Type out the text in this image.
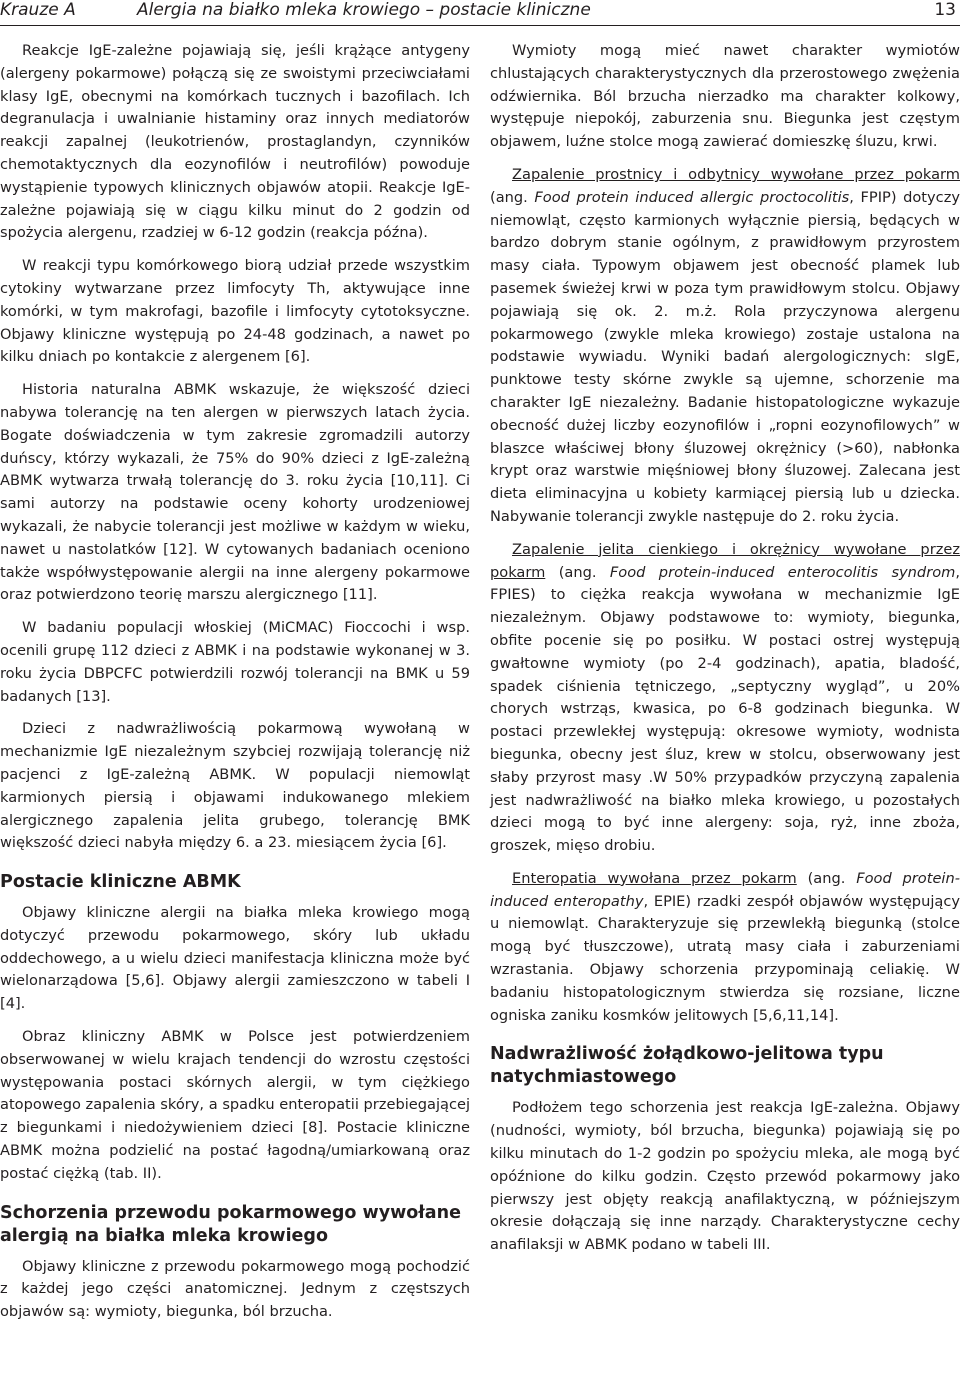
Krauze A	Alergia na białko mleka krowiego – postacie kliniczne	13

Reakcje IgE-zależne pojawiają się, jeśli krążące antygeny (alergeny pokarmowe) połączą się ze swoistymi przeciwciałami klasy IgE, obecnymi na komórkach tucznych i bazofilach. Ich degranulacja i uwalnianie histaminy oraz innych mediatorów reakcji zapalnej (leukotrienów, prostaglandyn, czynników chemotaktycznych dla eozynofilów i neutrofilów) powoduje wystąpienie typowych klinicznych objawów atopii. Reakcje IgE-zależne pojawiają się w ciągu kilku minut do 2 godzin od spożycia alergenu, rzadziej w 6-12 godzin (reakcja późna).

W reakcji typu komórkowego biorą udział przede wszystkim cytokiny wytwarzane przez limfocyty Th, aktywujące inne komórki, w tym makrofagi, bazofile i limfocyty cytotoksyczne. Objawy kliniczne występują po 24-48 godzinach, a nawet po kilku dniach po kontakcie z alergenem [6].

Historia naturalna ABMK wskazuje, że większość dzieci nabywa tolerancję na ten alergen w pierwszych latach życia. Bogate doświadczenia w tym zakresie zgromadzili autorzy duńscy, którzy wykazali, że 75% do 90% dzieci z IgE-zależną ABMK wytwarza trwałą tolerancję do 3. roku życia [10,11]. Ci sami autorzy na podstawie oceny kohorty urodzeniowej wykazali, że nabycie tolerancji jest możliwe w każdym w wieku, nawet u nastolatków [12]. W cytowanych badaniach oceniono także współwystępowanie alergii na inne alergeny pokarmowe oraz potwierdzono teorię marszu alergicznego [11].

W badaniu populacji włoskiej (MiCMAC) Fioccochi i wsp. ocenili grupę 112 dzieci z ABMK i na podstawie wykonanej w 3. roku życia DBPCFC potwierdzili rozwój tolerancji na BMK u 59 badanych [13].

Dzieci z nadwrażliwością pokarmową wywołaną w mechanizmie IgE niezależnym szybciej rozwijają tolerancję niż pacjenci z IgE-zależną ABMK. W populacji niemowląt karmionych piersią i objawami indukowanego mlekiem alergicznego zapalenia jelita grubego, tolerancję BMK większość dzieci nabyła między 6. a 23. miesiącem życia [6].

Postacie kliniczne ABMK

Objawy kliniczne alergii na białka mleka krowiego mogą dotyczyć przewodu pokarmowego, skóry lub układu oddechowego, a u wielu dzieci manifestacja kliniczna może być wielonarządowa [5,6]. Objawy alergii zamieszczono w tabeli I [4].

Obraz kliniczny ABMK w Polsce jest potwierdzeniem obserwowanej w wielu krajach tendencji do wzrostu częstości występowania postaci skórnych alergii, w tym ciężkiego atopowego zapalenia skóry, a spadku enteropatii przebiegającej z biegunkami i niedożywieniem dzieci [8]. Postacie kliniczne ABMK można podzielić na postać łagodną/umiarkowaną oraz postać ciężką (tab. II).

Schorzenia przewodu pokarmowego wywołane alergią na białka mleka krowiego

Objawy kliniczne z przewodu pokarmowego mogą pochodzić z każdej jego części anatomicznej. Jednym z częstszych objawów są: wymioty, biegunka, ból brzucha.

Wymioty mogą mieć nawet charakter wymiotów chlustających charakterystycznych dla przerostowego zwężenia odźwiernika. Ból brzucha nierzadko ma charakter kolkowy, występuje niepokój, zaburzenia snu. Biegunka jest częstym objawem, luźne stolce mogą zawierać domieszkę śluzu, krwi.

Zapalenie prostnicy i odbytnicy wywołane przez pokarm (ang. Food protein induced allergic proctocolitis, FPIP) dotyczy niemowląt, często karmionych wyłącznie piersią, będących w bardzo dobrym stanie ogólnym, z prawidłowym przyrostem masy ciała. Typowym objawem jest obecność plamek lub pasemek świeżej krwi w poza tym prawidłowym stolcu. Objawy pojawiają się ok. 2. m.ż. Rola przyczynowa alergenu pokarmowego (zwykle mleka krowiego) zostaje ustalona na podstawie wywiadu. Wyniki badań alergologicznych: sIgE, punktowe testy skórne zwykle są ujemne, schorzenie ma charakter IgE niezależny. Badanie histopatologiczne wykazuje obecność dużej liczby eozynofilów i „ropni eozynofilowych” w blaszce właściwej błony śluzowej okrężnicy (>60), nabłonka krypt oraz warstwie mięśniowej błony śluzowej. Zalecana jest dieta eliminacyjna u kobiety karmiącej piersią lub u dziecka. Nabywanie tolerancji zwykle następuje do 2. roku życia.

Zapalenie jelita cienkiego i okrężnicy wywołane przez pokarm (ang. Food protein-induced enterocolitis syndrom, FPIES) to ciężka reakcja wywołana w mechanizmie IgE niezależnym. Objawy podstawowe to: wymioty, biegunka, obfite pocenie się po posiłku. W postaci ostrej występują gwałtowne wymioty (po 2-4 godzinach), apatia, bladość, spadek ciśnienia tętniczego, „septyczny wygląd”, u 20% chorych wstrząs, kwasica, po 6-8 godzinach biegunka. W postaci przewlekłej występują: okresowe wymioty, wodnista biegunka, obecny jest śluz, krew w stolcu, obserwowany jest słaby przyrost masy .W 50% przypadków przyczyną zapalenia jest nadwrażliwość na białko mleka krowiego, u pozostałych dzieci mogą to być inne alergeny: soja, ryż, inne zboża, groszek, mięso drobiu.

Enteropatia wywołana przez pokarm (ang. Food protein-induced enteropathy, EPIE) rzadki zespół objawów występujący u niemowląt. Charakteryzuje się przewlekłą biegunką (stolce mogą być tłuszczowe), utratą masy ciała i zaburzeniami wzrastania. Objawy schorzenia przypominają celiakię. W badaniu histopatologicznym stwierdza się rozsiane, liczne ogniska zaniku kosmków jelitowych [5,6,11,14].

Nadwrażliwość żołądkowo-jelitowa typu natychmiastowego

Podłożem tego schorzenia jest reakcja IgE-zależna. Objawy (nudności, wymioty, ból brzucha, biegunka) pojawiają się po kilku minutach do 1-2 godzin po spożyciu mleka, ale mogą być opóźnione do kilku godzin. Często przewód pokarmowy jako pierwszy jest objęty reakcją anafilaktyczną, w późniejszym okresie dołączają się inne narządy. Charakterystyczne cechy anafilaksji w ABMK podano w tabeli III.
